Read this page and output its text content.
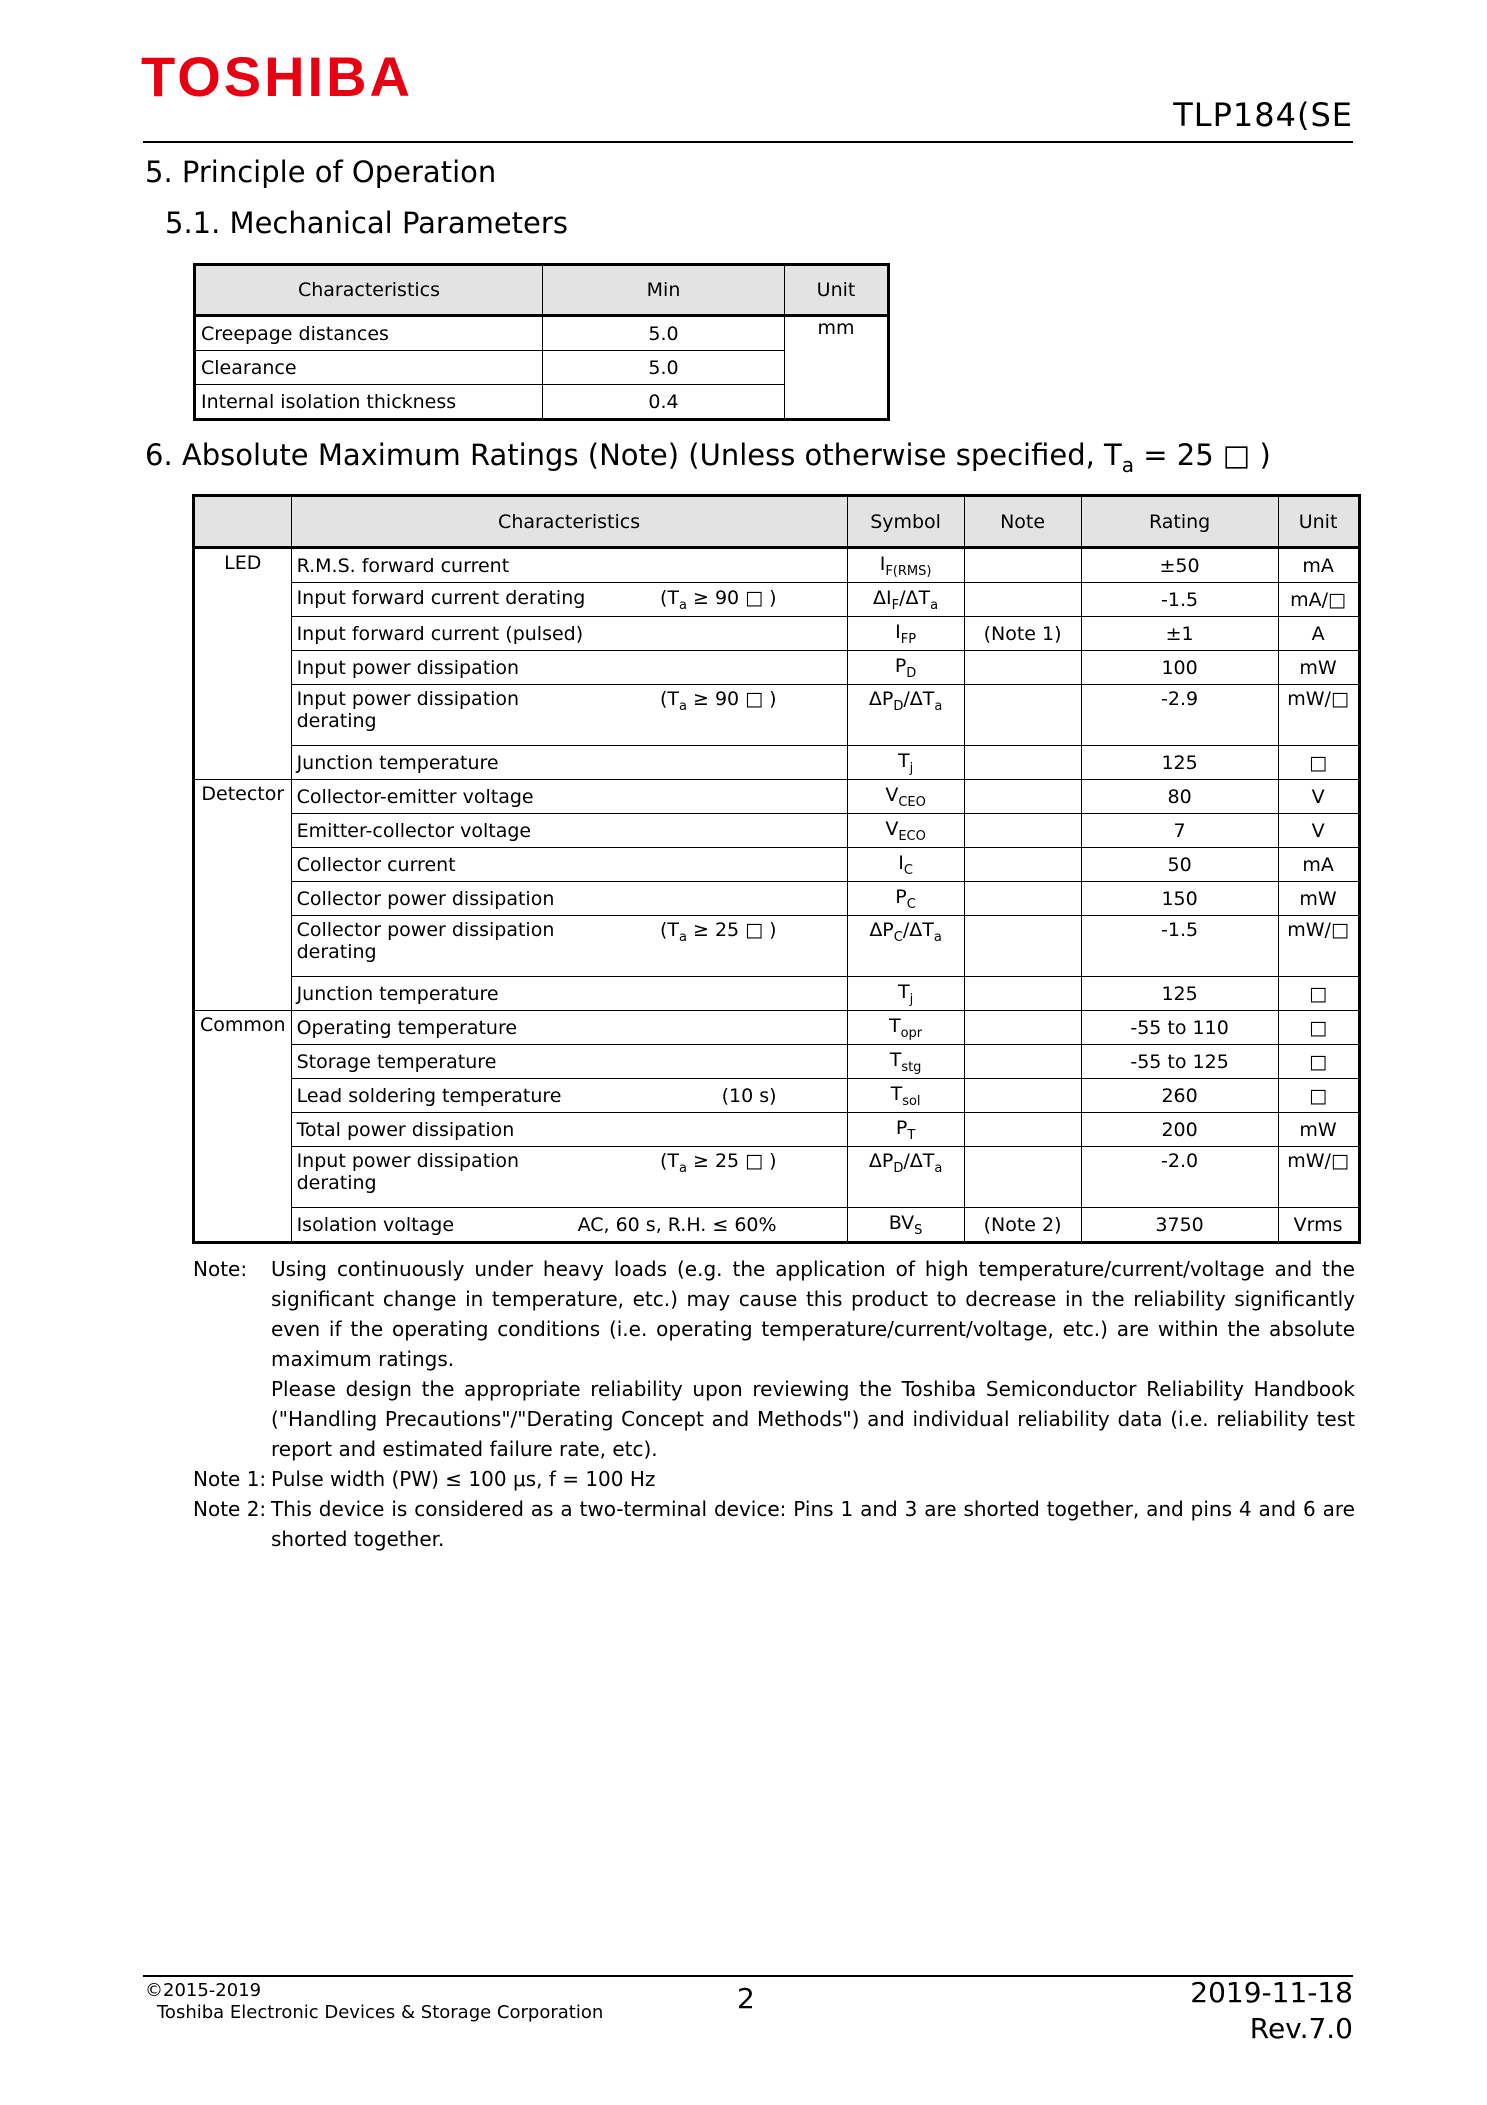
TOSHIBA
TLP184(SE
5. Principle of Operation
5.1. Mechanical Parameters
Characteristics	Min	Unit
Creepage distances	5.0	mm
Clearance	5.0	
Internal isolation thickness	0.4	
6. Absolute Maximum Ratings (Note) (Unless otherwise specified, $T_a = 25$ □ )
	Characteristics	Symbol	Note	Rating	Unit
LED	R.M.S. forward current	$I_{F(RMS)}$		±50	mA

	Input forward current derating ($T_a \ge 90$ □ )	$\Delta I_F/\Delta T_a$		-1.5	mA/□

	Input forward current (pulsed)	$I_{FP}$	(Note 1)	±1	A

	Input power dissipation	$P_D$		100	mW

	Input power dissipation derating
($T_a \ge 90$ □ )	$\Delta P_D/\Delta T_a$		-2.9	mW/□

	Junction temperature	$T_j$		125	□
Detector	Collector-emitter voltage	$V_{CEO}$		80	V

	Emitter-collector voltage	$V_{ECO}$		7	V

	Collector current	$I_C$		50	mA

	Collector power dissipation	$P_C$		150	mW

	Collector power dissipation derating
($T_a \ge 25$ □ )	$\Delta P_C/\Delta T_a$		-1.5	mW/□

	Junction temperature	$T_j$		125	□
Common	Operating temperature	$T_{opr}$		-55 to 110	□

	Storage temperature	$T_{stg}$		-55 to 125	□

	Lead soldering temperature (10 s)	$T_{sol}$		260	□

	Total power dissipation	$P_T$		200	mW

	Input power dissipation derating
($T_a \ge 25$ □ )	$\Delta P_D/\Delta T_a$		-2.0	mW/□

	Isolation voltage AC, 60 s, R.H. ≤ 60%	$BV_S$	(Note 2)	3750	Vrms
Note:	Using continuously under heavy loads (e.g. the application of high temperature/current/voltage and the significant change in temperature, etc.) may cause this product to decrease in the reliability significantly even if the operating conditions (i.e. operating temperature/current/voltage, etc.) are within the absolute maximum ratings.
Please design the appropriate reliability upon reviewing the Toshiba Semiconductor Reliability Handbook ("Handling Precautions"/"Derating Concept and Methods") and individual reliability data (i.e. reliability test report and estimated failure rate, etc).
Note 1: Pulse width (PW) ≤ 100 μs, f = 100 Hz
Note 2: This device is considered as a two-terminal device: Pins 1 and 3 are shorted together, and pins 4 and 6 are shorted together.
©2015-2019
Toshiba Electronic Devices & Storage Corporation	2	2019-11-18
Rev.7.0
